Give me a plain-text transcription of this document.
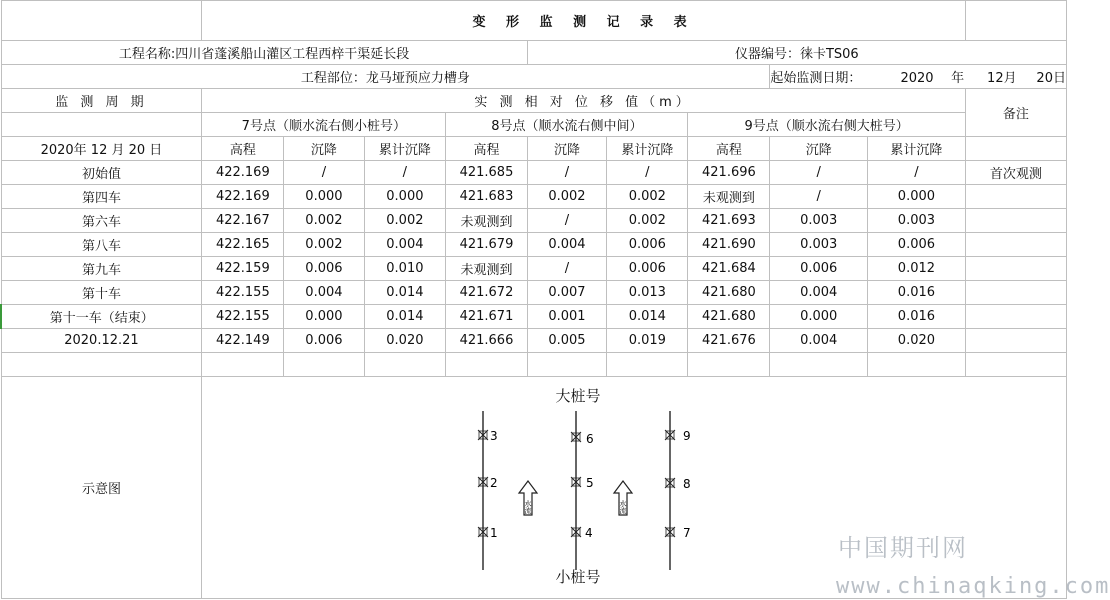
	变 形 监 测 记 录 表									
工程名称:四川省蓬溪船山灌区工程西梓干渠延长段					仪器编号：徕卡TS06					
工程部位：龙马垭预应力槽身								起始监测日期： 2020 年 12月 20日		
监 测 周 期	实 测 相 对 位 移 值（m）									备注
	7号点（顺水流右侧小桩号）			8号点（顺水流右侧中间）			9号点（顺水流右侧大桩号）			
2020年 12 月 20 日	高程	沉降	累计沉降	高程	沉降	累计沉降	高程	沉降	累计沉降	
初始值	422.169	/	/	421.685	/	/	421.696	/	/	首次观测
第四车	422.169	0.000	0.000	421.683	0.002	0.002	未观测到	/	0.000	
第六车	422.167	0.002	0.002	未观测到	/	0.002	421.693	0.003	0.003	
第八车	422.165	0.002	0.004	421.679	0.004	0.006	421.690	0.003	0.006	
第九车	422.159	0.006	0.010	未观测到	/	0.006	421.684	0.006	0.012	
第十车	422.155	0.004	0.014	421.672	0.007	0.013	421.680	0.004	0.016	
第十一车（结束）	422.155	0.000	0.014	421.671	0.001	0.014	421.680	0.000	0.016	
2020.12.21	422.149	0.006	0.020	421.666	0.005	0.019	421.676	0.004	0.020	

示意图										
大桩号
小桩号
3
2
1
6
5
4
9
8
7
水流	水流
中国期刊网
www.chinaqking.com
